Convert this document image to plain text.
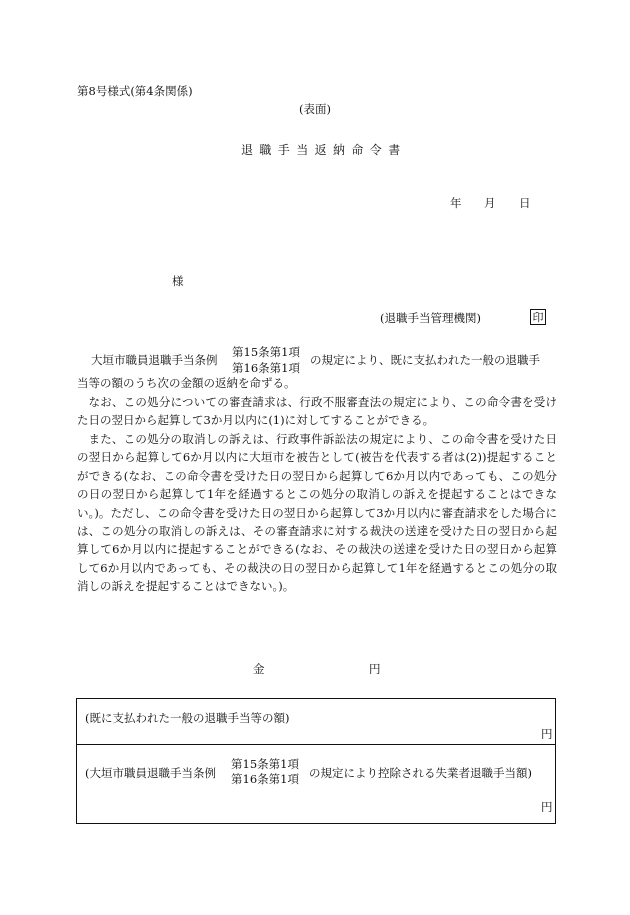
第8号様式(第4条関係)
(表面)
退職手当返納命令書
年 月 日
様
(退職手当管理機関)	印
大垣市職員退職手当条例
第15条第1項
第16条第1項
の規定により、既に支払われた一般の退職手
当等の額のうち次の金額の返納を命ずる。
なお、この処分についての審査請求は、行政不服審査法の規定により、この命令書を受けた日の翌日から起算して3か月以内に(1)に対してすることができる。
また、この処分の取消しの訴えは、行政事件訴訟法の規定により、この命令書を受けた日の翌日から起算して6か月以内に大垣市を被告として(被告を代表する者は(2))提起することができる(なお、この命令書を受けた日の翌日から起算して6か月以内であっても、この処分の日の翌日から起算して1年を経過するとこの処分の取消しの訴えを提起することはできない。)。ただし、この命令書を受けた日の翌日から起算して3か月以内に審査請求をした場合には、この処分の取消しの訴えは、その審査請求に対する裁決の送達を受けた日の翌日から起算して6か月以内に提起することができる(なお、その裁決の送達を受けた日の翌日から起算して6か月以内であっても、その裁決の日の翌日から起算して1年を経過するとこの処分の取消しの訴えを提起することはできない。)。
金	円
(既に支払われた一般の退職手当等の額)
円
(大垣市職員退職手当条例
第15条第1項
第16条第1項 の規定により控除される失業者退職手当額)
円
